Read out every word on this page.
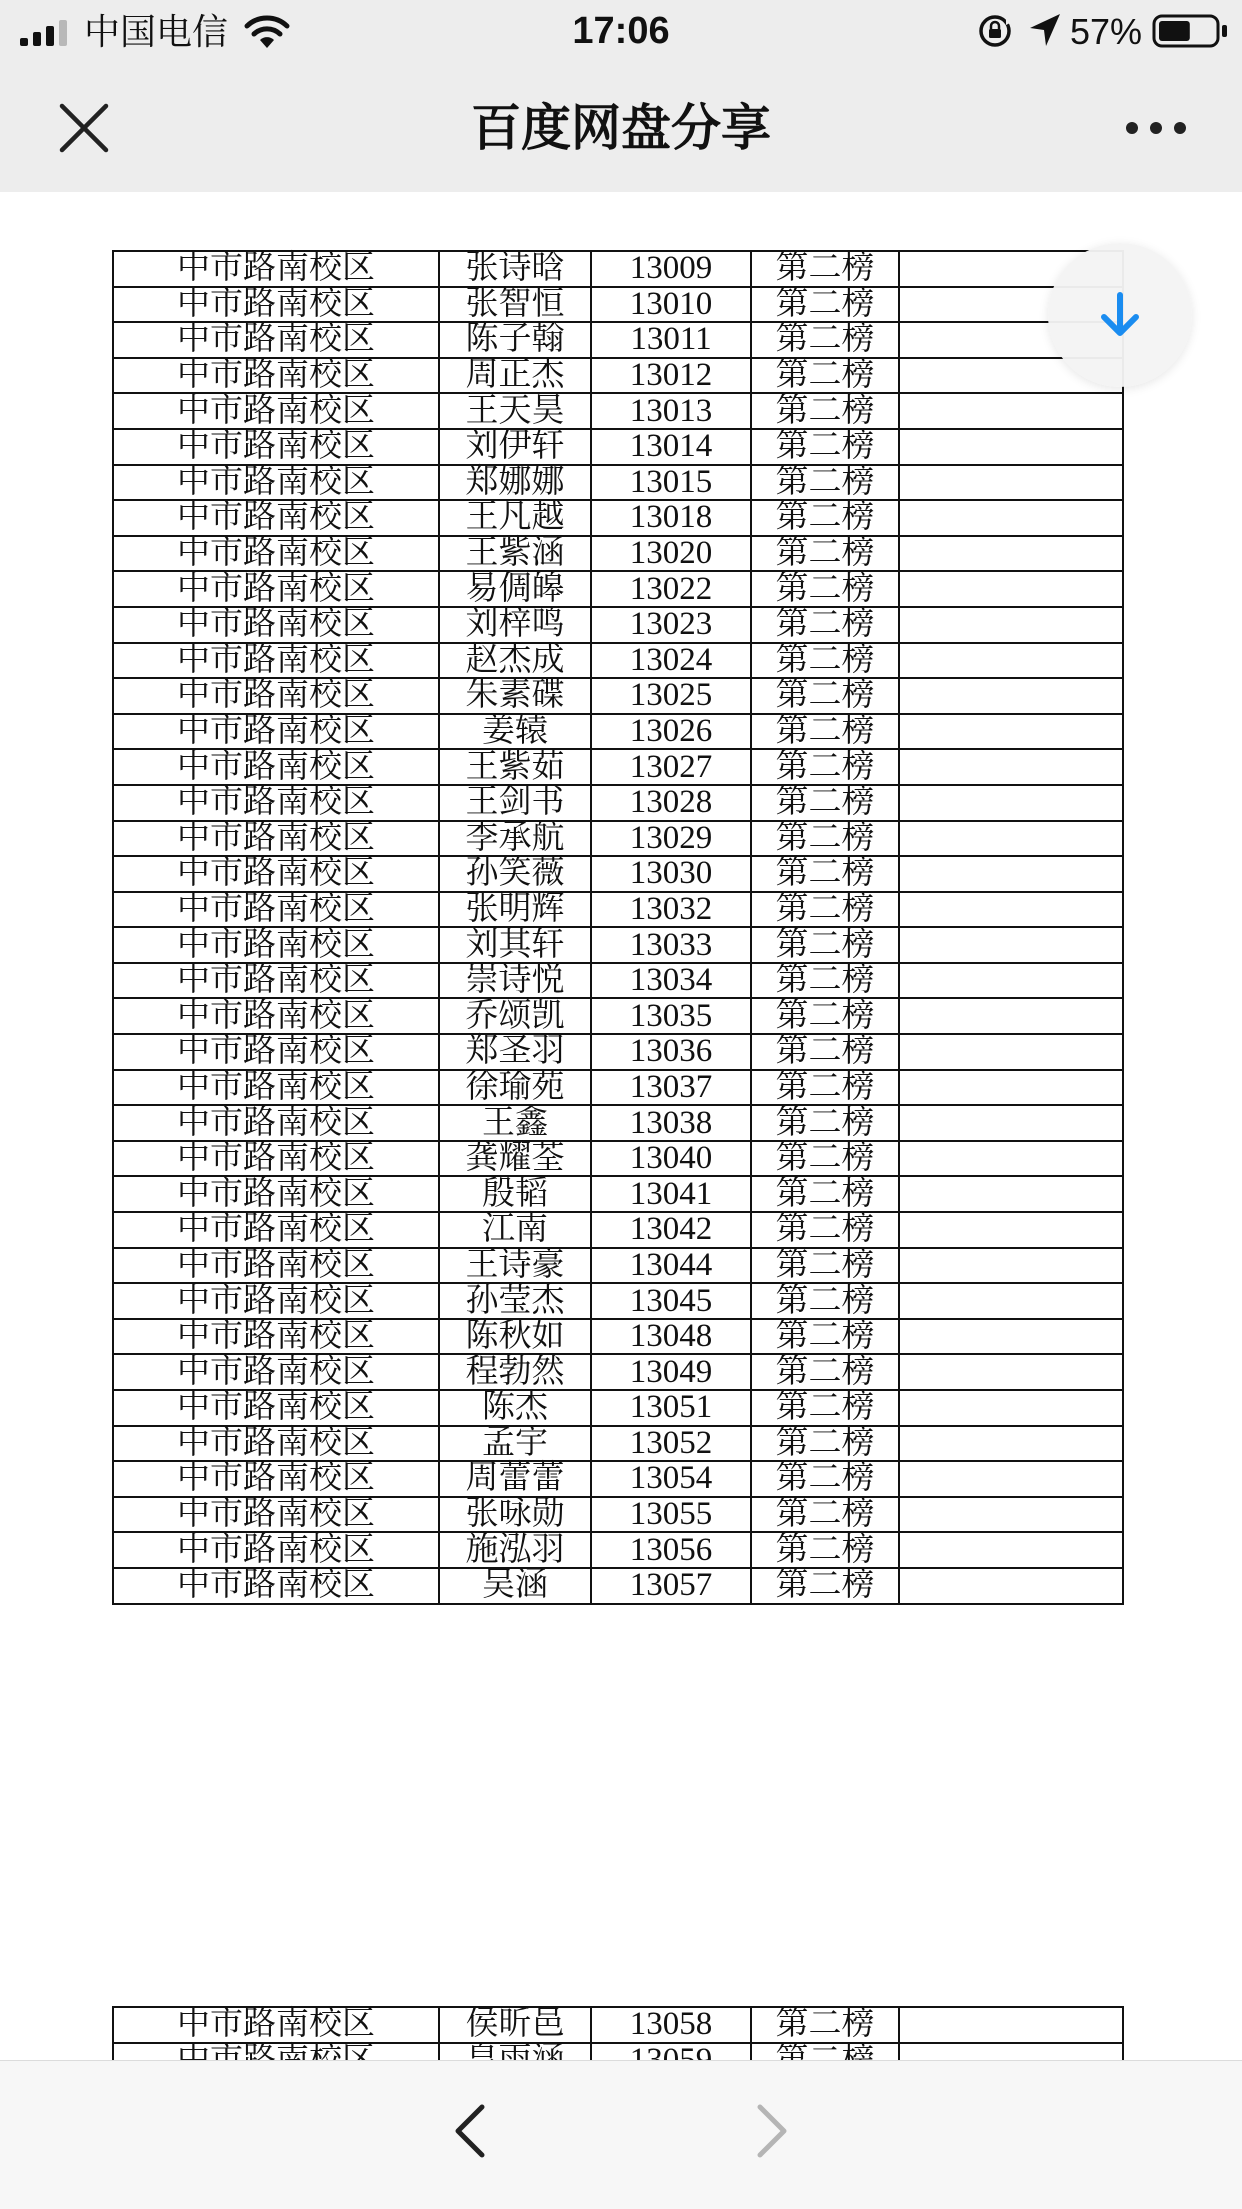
中国电信	17:06	57%
百度网盘分享
中市路南校区	张诗晗	13009	第二榜	
中市路南校区	张智恒	13010	第二榜	
中市路南校区	陈子翰	13011	第二榜	
中市路南校区	周正杰	13012	第二榜	
中市路南校区	王天昊	13013	第二榜	
中市路南校区	刘伊轩	13014	第二榜	
中市路南校区	郑娜娜	13015	第二榜	
中市路南校区	王凡越	13018	第二榜	
中市路南校区	王紫涵	13020	第二榜	
中市路南校区	易倜皞	13022	第二榜	
中市路南校区	刘梓鸣	13023	第二榜	
中市路南校区	赵杰成	13024	第二榜	
中市路南校区	朱素碟	13025	第二榜	
中市路南校区	姜辕	13026	第二榜	
中市路南校区	王紫茹	13027	第二榜	
中市路南校区	王剑书	13028	第二榜	
中市路南校区	李承航	13029	第二榜	
中市路南校区	孙笑薇	13030	第二榜	
中市路南校区	张明辉	13032	第二榜	
中市路南校区	刘其轩	13033	第二榜	
中市路南校区	崇诗悦	13034	第二榜	
中市路南校区	乔颂凯	13035	第二榜	
中市路南校区	郑圣羽	13036	第二榜	
中市路南校区	徐瑜苑	13037	第二榜	
中市路南校区	王鑫	13038	第二榜	
中市路南校区	龚耀荃	13040	第二榜	
中市路南校区	殷韬	13041	第二榜	
中市路南校区	江南	13042	第二榜	
中市路南校区	王诗豪	13044	第二榜	
中市路南校区	孙莹杰	13045	第二榜	
中市路南校区	陈秋如	13048	第二榜	
中市路南校区	程勃然	13049	第二榜	
中市路南校区	陈杰	13051	第二榜	
中市路南校区	孟宇	13052	第二榜	
中市路南校区	周蕾蕾	13054	第二榜	
中市路南校区	张咏勋	13055	第二榜	
中市路南校区	施泓羽	13056	第二榜	
中市路南校区	吴涵	13057	第二榜	
中市路南校区	侯昕邑	13058	第二榜	
